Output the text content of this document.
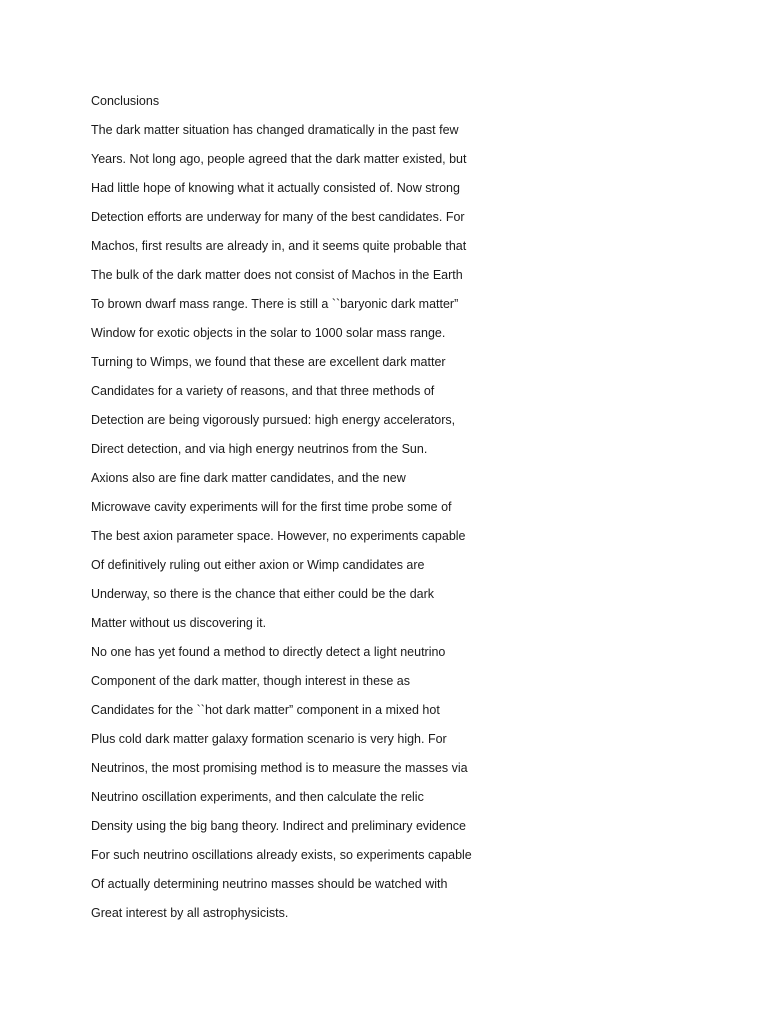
Conclusions
The dark matter situation has changed dramatically in the past few
Years. Not long ago, people agreed that the dark matter existed, but
Had little hope of knowing what it actually consisted of. Now strong
Detection efforts are underway for many of the best candidates. For
Machos, first results are already in, and it seems quite probable that
The bulk of the dark matter does not consist of Machos in the Earth
To brown dwarf mass range. There is still a ``baryonic dark matter”
Window for exotic objects in the solar to 1000 solar mass range.
Turning to Wimps, we found that these are excellent dark matter
Candidates for a variety of reasons, and that three methods of
Detection are being vigorously pursued: high energy accelerators,
Direct detection, and via high energy neutrinos from the Sun.
Axions also are fine dark matter candidates, and the new
Microwave cavity experiments will for the first time probe some of
The best axion parameter space. However, no experiments capable
Of definitively ruling out either axion or Wimp candidates are
Underway, so there is the chance that either could be the dark
Matter without us discovering it.
No one has yet found a method to directly detect a light neutrino
Component of the dark matter, though interest in these as
Candidates for the ``hot dark matter” component in a mixed hot
Plus cold dark matter galaxy formation scenario is very high. For
Neutrinos, the most promising method is to measure the masses via
Neutrino oscillation experiments, and then calculate the relic
Density using the big bang theory. Indirect and preliminary evidence
For such neutrino oscillations already exists, so experiments capable
Of actually determining neutrino masses should be watched with
Great interest by all astrophysicists.
